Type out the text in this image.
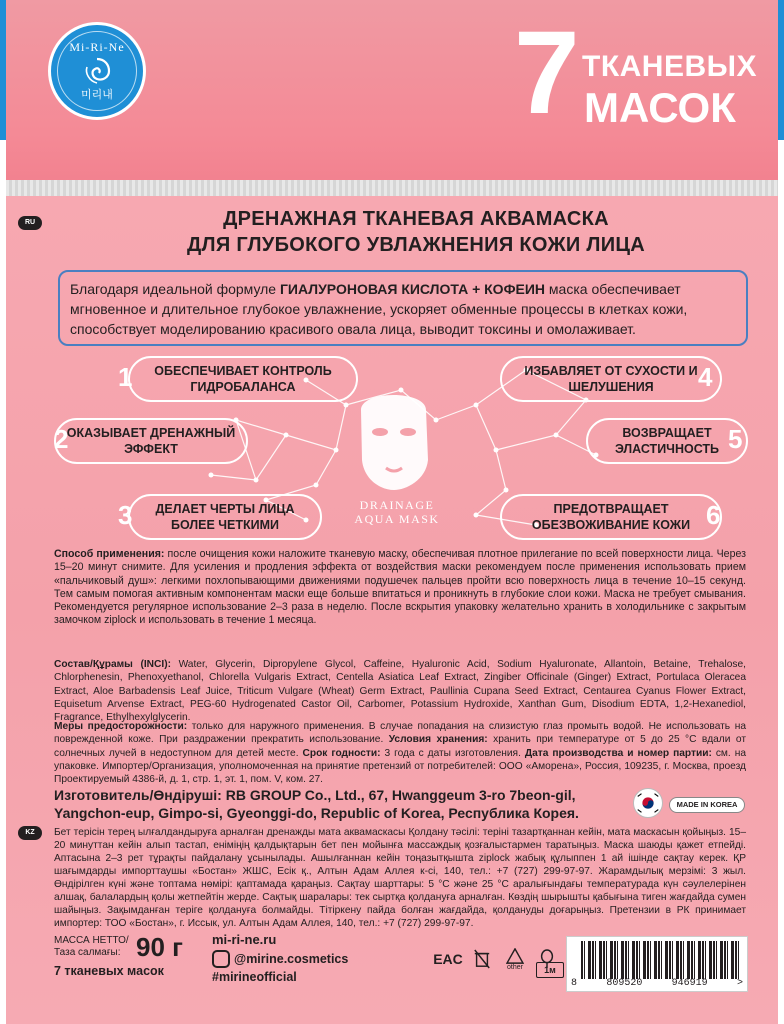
Mi-Ri-Ne
미리내	7 ТКАНЕВЫХ
МАСОК
RU
KZ
ДРЕНАЖНАЯ ТКАНЕВАЯ АКВАМАСКА
ДЛЯ ГЛУБОКОГО УВЛАЖНЕНИЯ КОЖИ ЛИЦА
Благодаря идеальной формуле ГИАЛУРОНОВАЯ КИСЛОТА + КОФЕИН маска обеспечивает мгновенное и длительное глубокое увлажнение, ускоряет обменные процессы в клетках кожи, способствует моделированию красивого овала лица, выводит токсины и омолаживает.
ОБЕСПЕЧИВАЕТ КОНТРОЛЬ ГИДРОБАЛАНСА
1
ОКАЗЫВАЕТ ДРЕНАЖНЫЙ ЭФФЕКТ
2
ДЕЛАЕТ ЧЕРТЫ ЛИЦА БОЛЕЕ ЧЕТКИМИ
3
ИЗБАВЛЯЕТ ОТ СУХОСТИ И ШЕЛУШЕНИЯ	4
ВОЗВРАЩАЕТ ЭЛАСТИЧНОСТЬ 5
ПРЕДОТВРАЩАЕТ ОБЕЗВОЖИВАНИЕ КОЖИ 6
DRAINAGE
AQUA MASK
Способ применения: после очищения кожи наложите тканевую маску, обеспечивая плотное прилегание по всей поверхности лица. Через 15–20 минут снимите. Для усиления и продления эффекта от воздействия маски рекомендуем после применения использовать прием «пальчиковый душ»: легкими похлопывающими движениями подушечек пальцев пройти всю поверхность лица в течение 10–15 секунд. Тем самым помогая активным компонентам маски еще больше впитаться и проникнуть в глубокие слои кожи. Маска не требует смывания. Рекомендуется регулярное использование 2–3 раза в неделю. После вскрытия упаковку желательно хранить в холодильнике с закрытым замочком ziplock и использовать в течение 1 месяца.
Состав/Құрамы (INCI): Water, Glycerin, Dipropylene Glycol, Caffeine, Hyaluronic Acid, Sodium Hyaluronate, Allantoin, Betaine, Trehalose, Chlorphenesin, Phenoxyethanol, Chlorella Vulgaris Extract, Centella Asiatica Leaf Extract, Zingiber Officinale (Ginger) Extract, Portulaca Oleracea Extract, Aloe Barbadensis Leaf Juice, Triticum Vulgare (Wheat) Germ Extract, Paullinia Cupana Seed Extract, Centaurea Cyanus Flower Extract, Equisetum Arvense Extract, PEG-60 Hydrogenated Castor Oil, Carbomer, Potassium Hydroxide, Xanthan Gum, Disodium EDTA, 1,2-Hexanediol, Fragrance, Ethylhexylglycerin.
Меры предосторожности: только для наружного применения. В случае попадания на слизистую глаз промыть водой. Не использовать на поврежденной коже. При раздражении прекратить использование. Условия хранения: хранить при температуре от 5 до 25 °С вдали от солнечных лучей в недоступном для детей месте. Срок годности: 3 года с даты изготовления. Дата производства и номер партии: см. на упаковке. Импортер/Организация, уполномоченная на принятие претензий от потребителей: ООО «Аморена», Россия, 109235, г. Москва, проезд Проектируемый 4386-й, д. 1, стр. 1, эт. 1, пом. V, ком. 27.
Изготовитель/Өндіруші: RB GROUP Co., Ltd., 67, Hwanggeum 3-ro 7beon-gil, Yangchon-eup, Gimpo-si, Gyeonggi-do, Republic of Korea, Республика Корея.
MADE IN KOREA
Бет терісін терең ылғалдандыруға арналған дренажды мата аквамаскасы Қолдану тәсілі: теріні тазартқаннан кейін, мата маскасын қойыңыз. 15–20 минуттан кейін алып тастап, еніміңің қалдықтарын бет пен мойынға массаждық қозғалыстармен таратыңыз. Маска шаюды қажет етпейді. Аптасына 2–3 рет тұрақты пайдалану ұсынылады. Ашылғаннан кейін тоңазытқышта ziplock жабық құлыппен 1 ай ішінде сақтау керек. ҚР шағымдарды импорттаушы «Бостан» ЖШС, Есік қ., Алтын Адам Аллея к-сі, 140, тел.: +7 (727) 299-97-97. Жарамдылық мерзімі: 3 жыл. Өндірілген күні және топтама нөмірі: қаптамада қараңыз. Сақтау шарттары: 5 °С және 25 °С аралығындағы температурада күн сәулелерінен алшақ, балалардың қолы жетпейтін жерде. Сақтық шаралары: тек сыртқа қолдануға арналған. Көздің шырышты қабығына тиген жағдайда сумен шайыңыз. Зақымданған теріге қолдануға болмайды. Тітіркену пайда болған жағдайда, қолдануды доғарыңыз. Претензии в РК принимает импортер: ТОО «Бостан», г. Иссык, ул. Алтын Адам Аллея, 140, тел.: +7 (727) 299-97-97.
МАССА НЕТТО/
Таза салмағы: 90 г
7 тканевых масок
mi-ri-ne.ru
@mirine.cosmetics
#mirineofficial
EAC	other
8	809520	946919	>
1м
